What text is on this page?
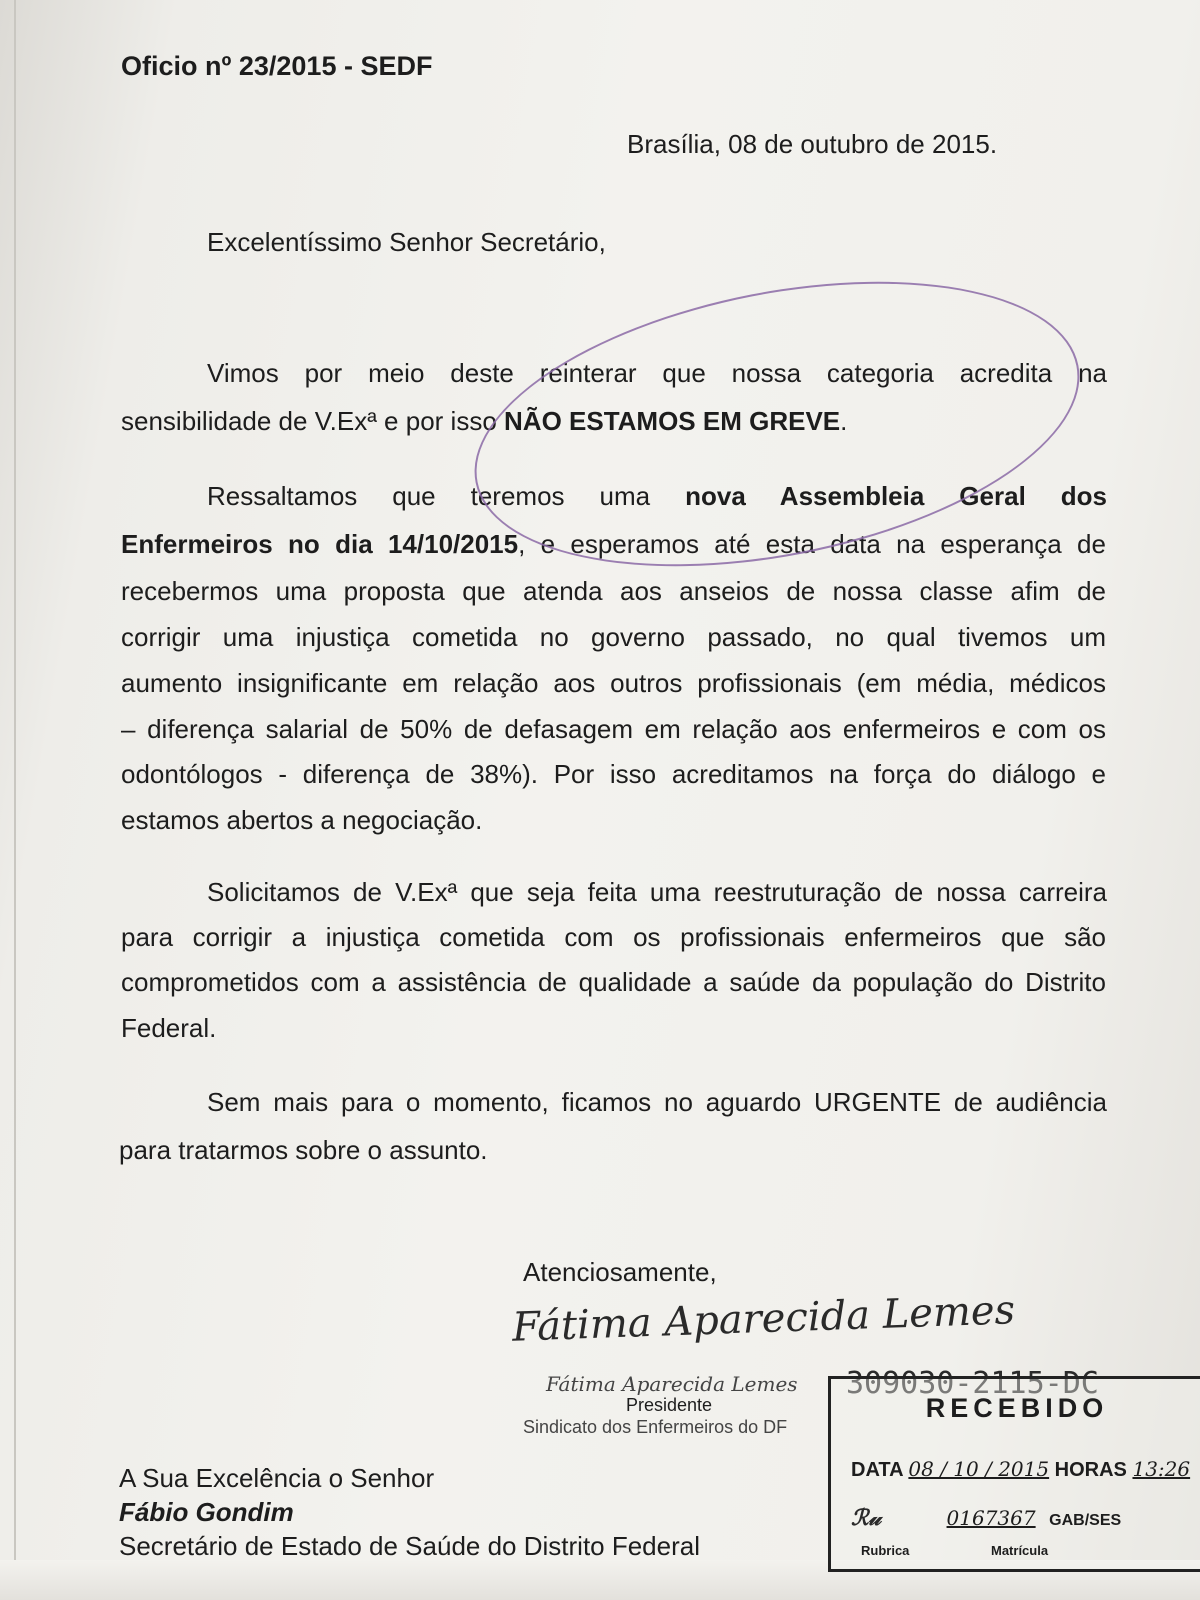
Oficio nº 23/2015 - SEDF
Brasília, 08 de outubro de 2015.
Excelentíssimo Senhor Secretário,
Vimos por meio deste reinterar que nossa categoria acredita na
sensibilidade de V.Exª e por isso NÃO ESTAMOS EM GREVE.
Ressaltamos que teremos uma nova Assembleia Geral dos
Enfermeiros no dia 14/10/2015, e esperamos até esta data na esperança de
recebermos uma proposta que atenda aos anseios de nossa classe afim de
corrigir uma injustiça cometida no governo passado, no qual tivemos um
aumento insignificante em relação aos outros profissionais (em média, médicos
– diferença salarial de 50% de defasagem em relação aos enfermeiros e com os
odontólogos - diferença de 38%). Por isso acreditamos na força do diálogo e
estamos abertos a negociação.
Solicitamos de V.Exª que seja feita uma reestruturação de nossa carreira
para corrigir a injustiça cometida com os profissionais enfermeiros que são
comprometidos com a assistência de qualidade a saúde da população do Distrito
Federal.
Sem mais para o momento, ficamos no aguardo URGENTE de audiência
para tratarmos sobre o assunto.
Atenciosamente,
Fátima Aparecida Lemes
Fátima Aparecida Lemes
Presidente
Sindicato dos Enfermeiros do DF
309030-2115-DC
A Sua Excelência o Senhor
Fábio Gondim
Secretário de Estado de Saúde do Distrito Federal
RECEBIDO
DATA 08 / 10 / 2015 HORAS 13:26
ℛ𝓊	0167367 GAB/SES
Rubrica	Matrícula
